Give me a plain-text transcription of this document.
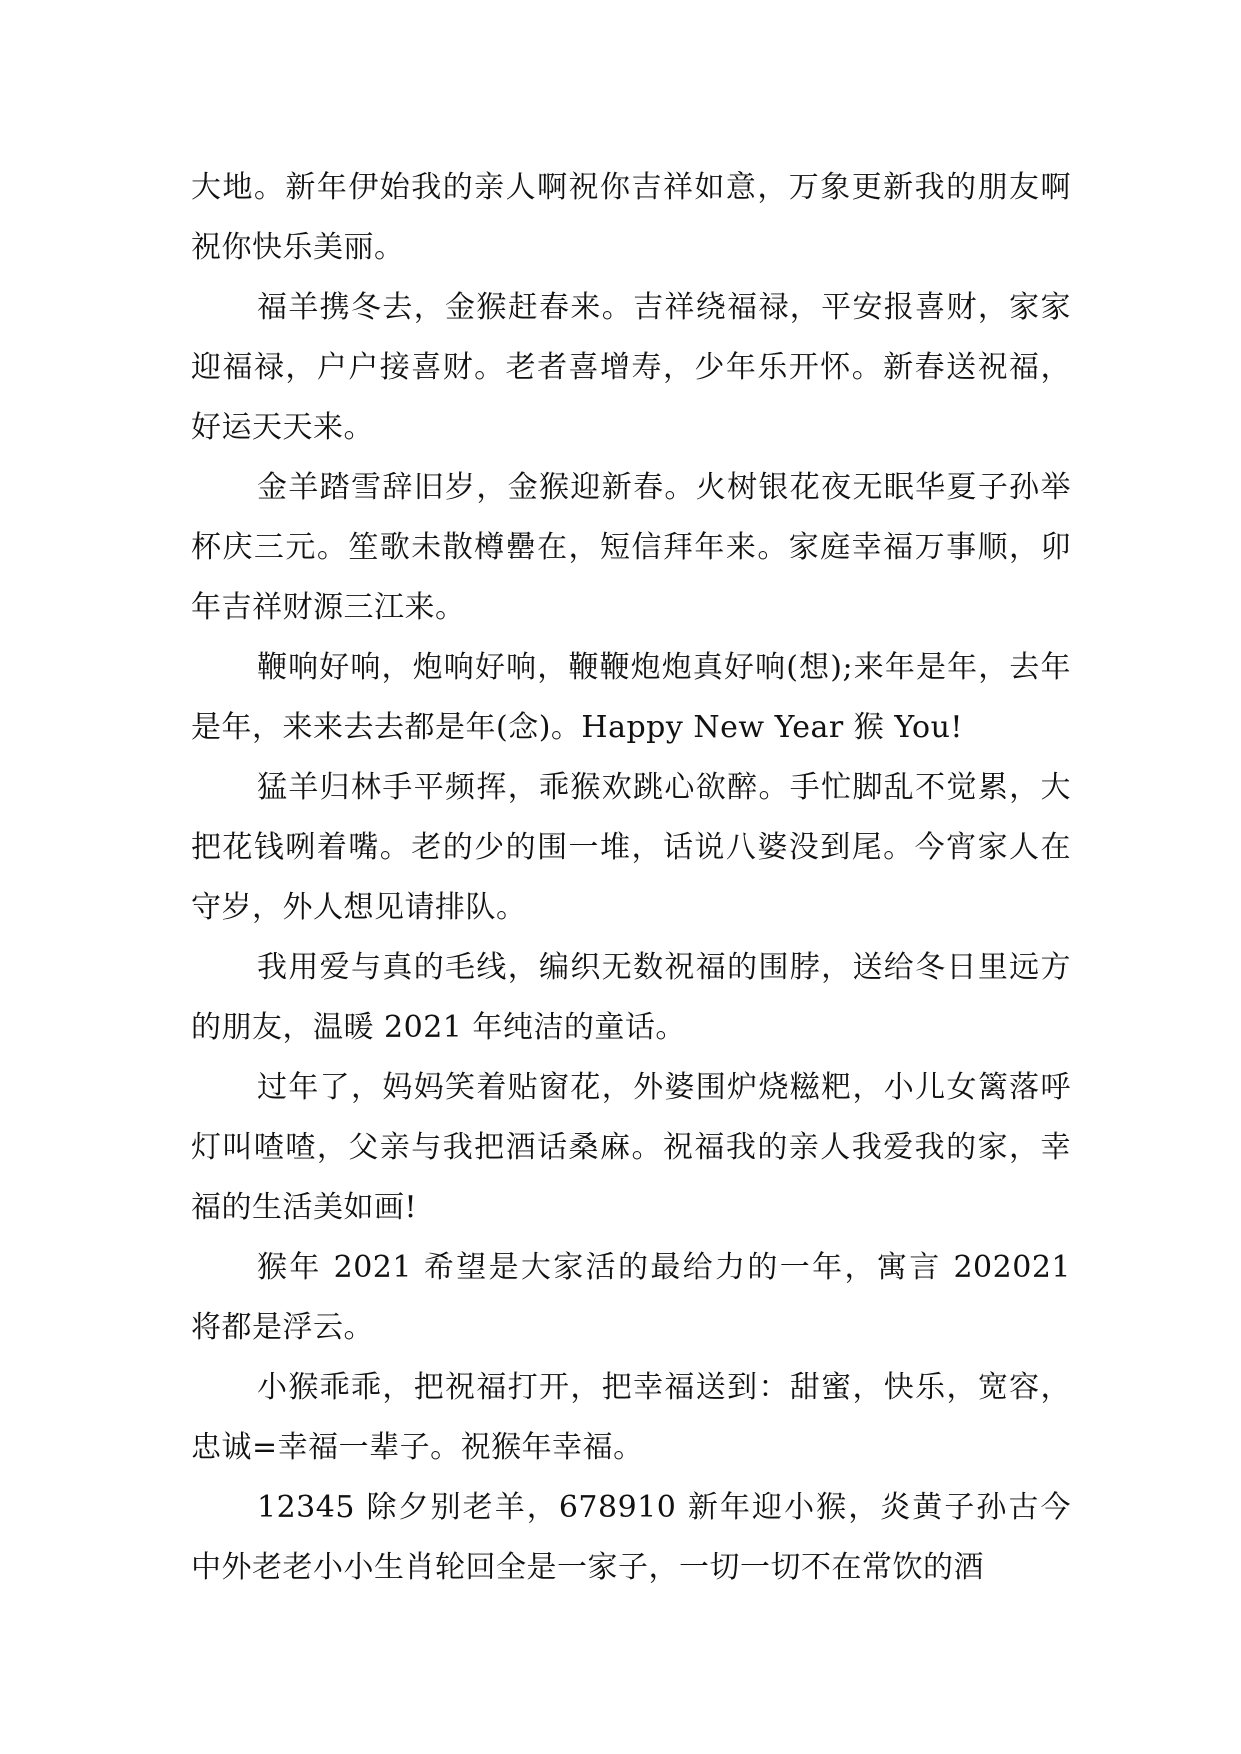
大地。新年伊始我的亲人啊祝你吉祥如意，万象更新我的朋友啊祝你快乐美丽。

福羊携冬去，金猴赶春来。吉祥绕福禄，平安报喜财，家家迎福禄，户户接喜财。老者喜增寿，少年乐开怀。新春送祝福，好运天天来。

金羊踏雪辞旧岁，金猴迎新春。火树银花夜无眠华夏子孙举杯庆三元。笙歌未散樽罍在，短信拜年来。家庭幸福万事顺，卯年吉祥财源三江来。

鞭响好响，炮响好响，鞭鞭炮炮真好响(想);来年是年，去年是年，来来去去都是年(念)。Happy New Year 猴 You!

猛羊归林手平频挥，乖猴欢跳心欲醉。手忙脚乱不觉累，大把花钱咧着嘴。老的少的围一堆，话说八婆没到尾。今宵家人在守岁，外人想见请排队。

我用爱与真的毛线，编织无数祝福的围脖，送给冬日里远方的朋友，温暖 2021 年纯洁的童话。

过年了，妈妈笑着贴窗花，外婆围炉烧糍粑，小儿女篱落呼灯叫喳喳，父亲与我把酒话桑麻。祝福我的亲人我爱我的家，幸福的生活美如画!

猴年 2021 希望是大家活的最给力的一年，寓言 202021 将都是浮云。

小猴乖乖，把祝福打开，把幸福送到：甜蜜，快乐，宽容，忠诚=幸福一辈子。祝猴年幸福。

12345 除夕别老羊，678910 新年迎小猴，炎黄子孙古今中外老老小小生肖轮回全是一家子，一切一切不在常饮的酒
